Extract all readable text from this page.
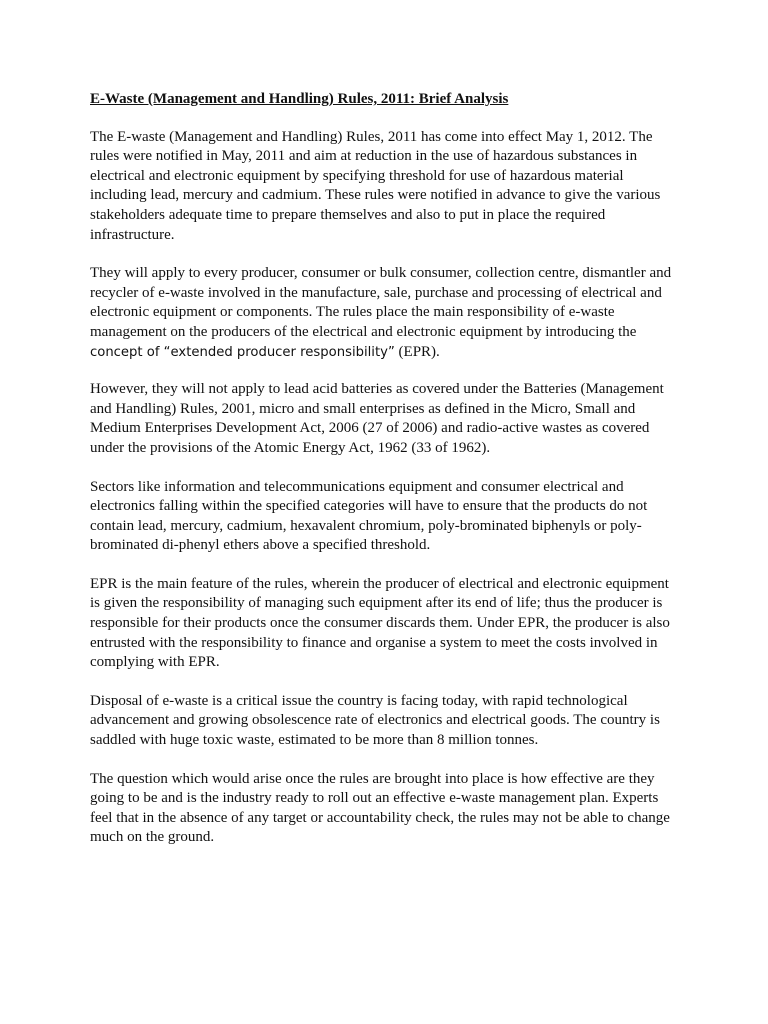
E-Waste (Management and Handling) Rules, 2011: Brief Analysis

The E-waste (Management and Handling) Rules, 2011 has come into effect May 1, 2012. The rules were notified in May, 2011 and aim at reduction in the use of hazardous substances in electrical and electronic equipment by specifying threshold for use of hazardous material including lead, mercury and cadmium. These rules were notified in advance to give the various stakeholders adequate time to prepare themselves and also to put in place the required infrastructure.

They will apply to every producer, consumer or bulk consumer, collection centre, dismantler and recycler of e-waste involved in the manufacture, sale, purchase and processing of electrical and electronic equipment or components. The rules place the main responsibility of e-waste management on the producers of the electrical and electronic equipment by introducing the concept of “extended producer responsibility” (EPR).

However, they will not apply to lead acid batteries as covered under the Batteries (Management and Handling) Rules, 2001, micro and small enterprises as defined in the Micro, Small and Medium Enterprises Development Act, 2006 (27 of 2006) and radio-active wastes as covered under the provisions of the Atomic Energy Act, 1962 (33 of 1962).

Sectors like information and telecommunications equipment and consumer electrical and electronics falling within the specified categories will have to ensure that the products do not contain lead, mercury, cadmium, hexavalent chromium, poly-brominated biphenyls or poly-brominated di-phenyl ethers above a specified threshold.

EPR is the main feature of the rules, wherein the producer of electrical and electronic equipment is given the responsibility of managing such equipment after its end of life; thus the producer is responsible for their products once the consumer discards them. Under EPR, the producer is also entrusted with the responsibility to finance and organise a system to meet the costs involved in complying with EPR.

Disposal of e-waste is a critical issue the country is facing today, with rapid technological advancement and growing obsolescence rate of electronics and electrical goods. The country is saddled with huge toxic waste, estimated to be more than 8 million tonnes.

The question which would arise once the rules are brought into place is how effective are they going to be and is the industry ready to roll out an effective e-waste management plan. Experts feel that in the absence of any target or accountability check, the rules may not be able to change much on the ground.
